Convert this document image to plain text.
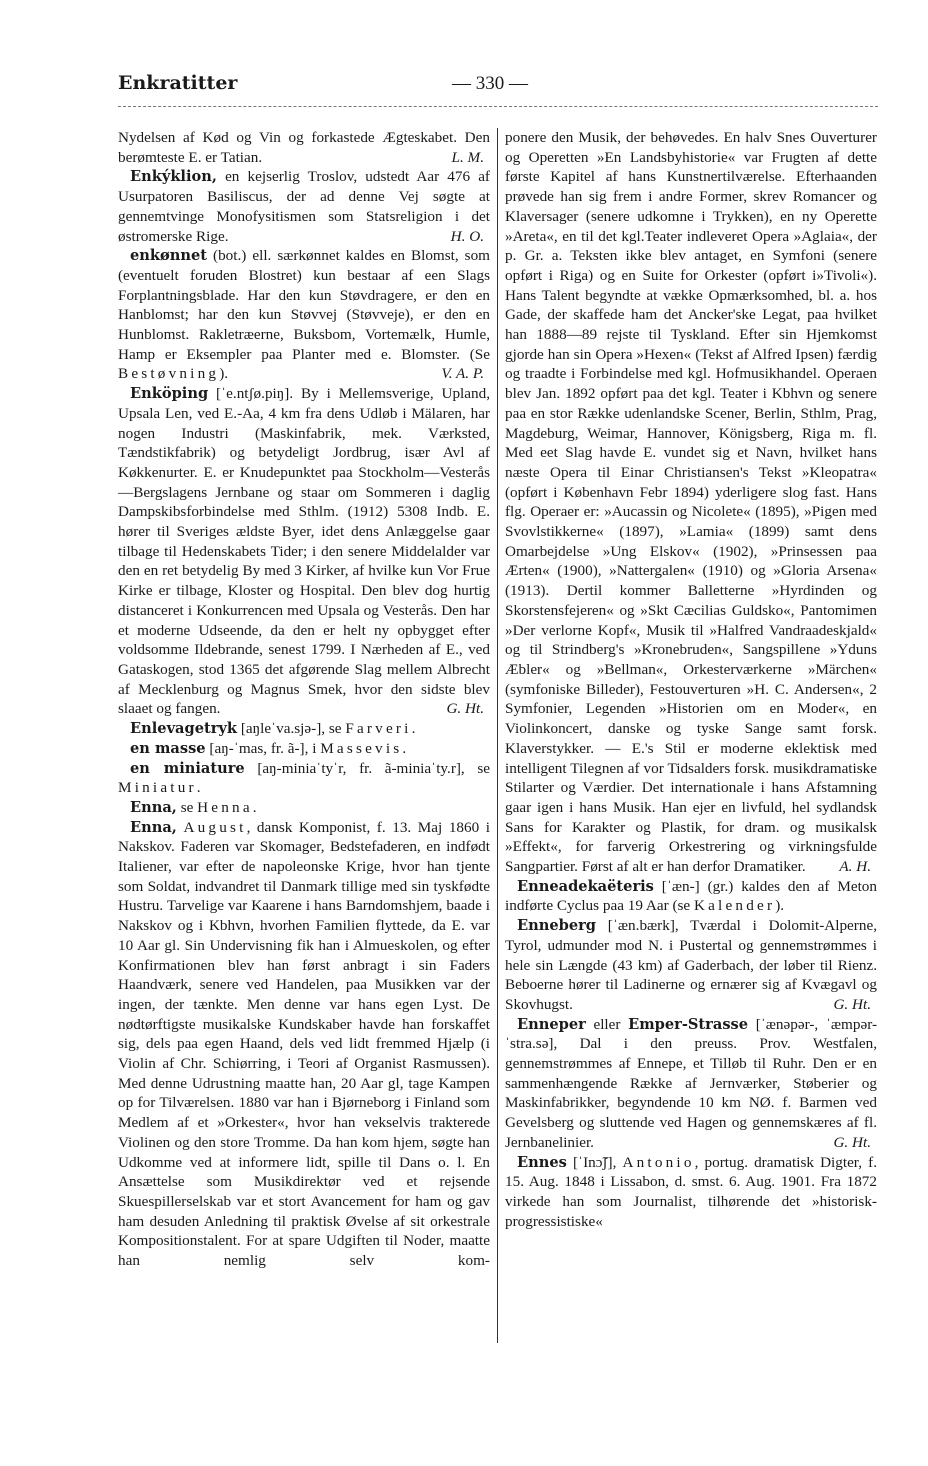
Enkratitter	— 330 —

Nydelsen af Kød og Vin og forkastede Ægteskabet. Den berømteste E. er Tatian.	L. M.

Enkýklion, en kejserlig Troslov, udstedt Aar 476 af Usurpatoren Basiliscus, der ad denne Vej søgte at gennemtvinge Monofysitismen som Statsreligion i det østromerske Rige.	H. O.

enkønnet (bot.) ell. særkønnet kaldes en Blomst, som (eventuelt foruden Blostret) kun bestaar af een Slags Forplantningsblade. Har den kun Støvdragere, er den en Hanblomst; har den kun Støvvej (Støvveje), er den en Hunblomst. Rakletræerne, Buksbom, Vortemælk, Humle, Hamp er Eksempler paa Planter med e. Blomster. (Se Bestøvning).	V. A. P.

Enköping [ˈe.ntʃø.piŋ]. By i Mellemsverige, Upland, Upsala Len, ved E.-Aa, 4 km fra dens Udløb i Mälaren, har nogen Industri (Maskinfabrik, mek. Værksted, Tændstikfabrik) og betydeligt Jordbrug, især Avl af Køkkenurter. E. er Knudepunktet paa Stockholm—Vesterås—Bergslagens Jernbane og staar om Sommeren i daglig Dampskibsforbindelse med Sthlm. (1912) 5308 Indb. E. hører til Sveriges ældste Byer, idet dens Anlæggelse gaar tilbage til Hedenskabets Tider; i den senere Middelalder var den en ret betydelig By med 3 Kirker, af hvilke kun Vor Frue Kirke er tilbage, Kloster og Hospital. Den blev dog hurtig distanceret i Konkurrencen med Upsala og Vesterås. Den har et moderne Udseende, da den er helt ny opbygget efter voldsomme Ildebrande, senest 1799. I Nærheden af E., ved Gataskogen, stod 1365 det afgørende Slag mellem Albrecht af Mecklenburg og Magnus Smek, hvor den sidste blev slaaet og fangen.	G. Ht.

Enlevagetryk [aŋleˈva.sjə-], se Farveri.

en masse [aŋ-ˈmas, fr. ã-], i Massevis.

en miniature [aŋ-miniaˈtyˈr, fr. ã-miniaˈty.r], se Miniatur.

Enna, se Henna.

Enna, August, dansk Komponist, f. 13. Maj 1860 i Nakskov. Faderen var Skomager, Bedstefaderen, en indfødt Italiener, var efter de napoleonske Krige, hvor han tjente som Soldat, indvandret til Danmark tillige med sin tyskfødte Hustru. Tarvelige var Kaarene i hans Barndomshjem, baade i Nakskov og i Kbhvn, hvorhen Familien flyttede, da E. var 10 Aar gl. Sin Undervisning fik han i Almueskolen, og efter Konfirmationen blev han først anbragt i sin Faders Haandværk, senere ved Handelen, paa Musikken var der ingen, der tænkte. Men denne var hans egen Lyst. De nødtørftigste musikalske Kundskaber havde han forskaffet sig, dels paa egen Haand, dels ved lidt fremmed Hjælp (i Violin af Chr. Schiørring, i Teori af Organist Rasmussen). Med denne Udrustning maatte han, 20 Aar gl, tage Kampen op for Tilværelsen. 1880 var han i Bjørneborg i Finland som Medlem af et »Orkester«, hvor han vekselvis trakterede Violinen og den store Tromme. Da han kom hjem, søgte han Udkomme ved at informere lidt, spille til Dans o. l. En Ansættelse som Musikdirektør ved et rejsende Skuespillerselskab var et stort Avancement for ham og gav ham desuden Anledning til praktisk Øvelse af sit orkestrale Kompositionstalent. For at spare Udgiften til Noder, maatte han nemlig selv kom-

ponere den Musik, der behøvedes. En halv Snes Ouverturer og Operetten »En Landsbyhistorie« var Frugten af dette første Kapitel af hans Kunstnertilværelse. Efterhaanden prøvede han sig frem i andre Former, skrev Romancer og Klaversager (senere udkomne i Trykken), en ny Operette »Areta«, en til det kgl.Teater indleveret Opera »Aglaia«, der p. Gr. a. Teksten ikke blev antaget, en Symfoni (senere opført i Riga) og en Suite for Orkester (opført i»Tivoli«). Hans Talent begyndte at vække Opmærksomhed, bl. a. hos Gade, der skaffede ham det Ancker'ske Legat, paa hvilket han 1888—89 rejste til Tyskland. Efter sin Hjemkomst gjorde han sin Opera »Hexen« (Tekst af Alfred Ipsen) færdig og traadte i Forbindelse med kgl. Hofmusikhandel. Operaen blev Jan. 1892 opført paa det kgl. Teater i Kbhvn og senere paa en stor Række udenlandske Scener, Berlin, Sthlm, Prag, Magdeburg, Weimar, Hannover, Königsberg, Riga m. fl. Med eet Slag havde E. vundet sig et Navn, hvilket hans næste Opera til Einar Christiansen's Tekst »Kleopatra« (opført i København Febr 1894) yderligere slog fast. Hans flg. Operaer er: »Aucassin og Nicolete« (1895), »Pigen med Svovlstikkerne« (1897), »Lamia« (1899) samt dens Omarbejdelse »Ung Elskov« (1902), »Prinsessen paa Ærten« (1900), »Nattergalen« (1910) og »Gloria Arsena« (1913). Dertil kommer Balletterne »Hyrdinden og Skorstensfejeren« og »Skt Cæcilias Guldsko«, Pantomimen »Der verlorne Kopf«, Musik til »Halfred Vandraadeskjald« og til Strindberg's »Kronebruden«, Sangspillene »Yduns Æbler« og »Bellman«, Orkesterværkerne »Märchen« (symfoniske Billeder), Festouverturen »H. C. Andersen«, 2 Symfonier, Legenden »Historien om en Moder«, en Violinkoncert, danske og tyske Sange samt forsk. Klaverstykker. — E.'s Stil er moderne eklektisk med intelligent Tilegnen af vor Tidsalders forsk. musikdramatiske Stilarter og Værdier. Det internationale i hans Afstamning gaar igen i hans Musik. Han ejer en livfuld, hel sydlandsk Sans for Karakter og Plastik, for dram. og musikalsk »Effekt«, for farverig Orkestrering og virkningsfulde Sangpartier. Først af alt er han derfor Dramatiker.	A. H.

Enneadekaëteris [ˈæn-] (gr.) kaldes den af Meton indførte Cyclus paa 19 Aar (se Kalender).

Enneberg [ˈæn.bærk], Tværdal i Dolomit-Alperne, Tyrol, udmunder mod N. i Pustertal og gennemstrømmes i hele sin Længde (43 km) af Gaderbach, der løber til Rienz. Beboerne hører til Ladinerne og ernærer sig af Kvægavl og Skovhugst.	G. Ht.

Enneper eller Emper-Strasse [ˈænəpər-, ˈæmpər-ˈstra.sə], Dal i den preuss. Prov. Westfalen, gennemstrømmes af Ennepe, et Tilløb til Ruhr. Den er en sammenhængende Række af Jernværker, Støberier og Maskinfabrikker, begyndende 10 km NØ. f. Barmen ved Gevelsberg og sluttende ved Hagen og gennemskæres af fl. Jernbanelinier.	G. Ht.

Ennes [ˈInɔ̃ʃ], Antonio, portug. dramatisk Digter, f. 15. Aug. 1848 i Lissabon, d. smst. 6. Aug. 1901. Fra 1872 virkede han som Journalist, tilhørende det »historisk-progressistiske«
